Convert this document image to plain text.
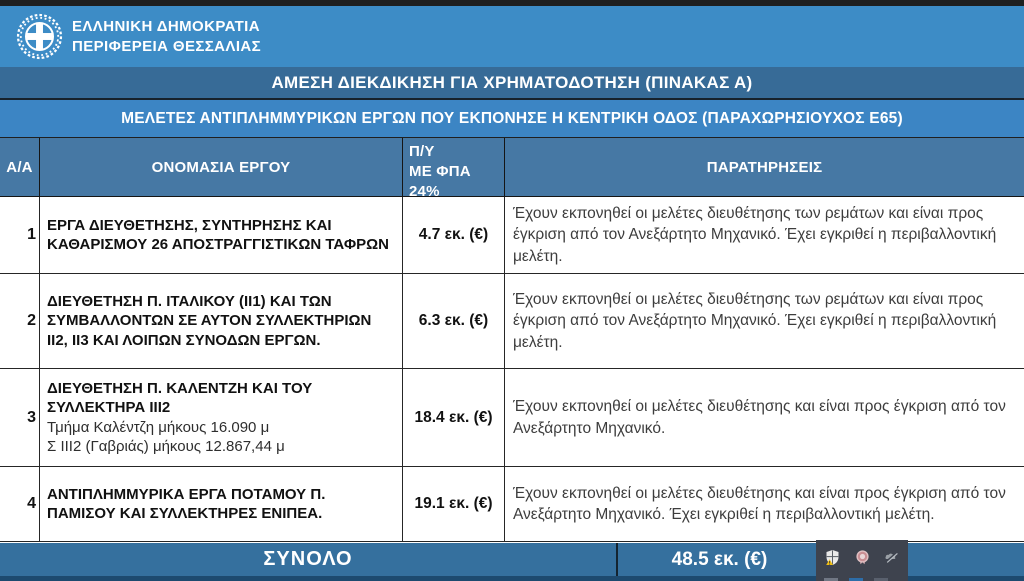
ΕΛΛΗΝΙΚΗ ΔΗΜΟΚΡΑΤΙΑ
ΠΕΡΙΦΕΡΕΙΑ ΘΕΣΣΑΛΙΑΣ
ΑΜΕΣΗ ΔΙΕΚΔΙΚΗΣΗ ΓΙΑ ΧΡΗΜΑΤΟΔΟΤΗΣΗ (ΠΙΝΑΚΑΣ Α)
ΜΕΛΕΤΕΣ ΑΝΤΙΠΛΗΜΜΥΡΙΚΩΝ ΕΡΓΩΝ ΠΟΥ ΕΚΠΟΝΗΣΕ Η ΚΕΝΤΡΙΚΗ ΟΔΟΣ (ΠΑΡΑΧΩΡΗΣΙΟΥΧΟΣ Ε65)
Α/Α	ΟΝΟΜΑΣΙΑ ΕΡΓΟΥ
Π/Υ
ΜΕ ΦΠΑ
24%
ΠΑΡΑΤΗΡΗΣΕΙΣ
1
ΕΡΓΑ ΔΙΕΥΘΕΤΗΣΗΣ, ΣΥΝΤΗΡΗΣΗΣ ΚΑΙ ΚΑΘΑΡΙΣΜΟΥ 26 ΑΠΟΣΤΡΑΓΓΙΣΤΙΚΩΝ ΤΑΦΡΩΝ
4.7 εκ. (€)
Έχουν εκπονηθεί οι μελέτες διευθέτησης των ρεμάτων και είναι προς έγκριση από τον Ανεξάρτητο Μηχανικό. Έχει εγκριθεί η περιβαλλοντική μελέτη.
2
ΔΙΕΥΘΕΤΗΣΗ Π. ΙΤΑΛΙΚΟΥ (II1) ΚΑΙ ΤΩΝ ΣΥΜΒΑΛΛΟΝΤΩΝ ΣΕ ΑΥΤΟΝ ΣΥΛΛΕΚΤΗΡΙΩΝ II2, II3 ΚΑΙ ΛΟΙΠΩΝ ΣΥΝΟΔΩΝ ΕΡΓΩΝ.
6.3 εκ. (€)
Έχουν εκπονηθεί οι μελέτες διευθέτησης των ρεμάτων και είναι προς έγκριση από τον Ανεξάρτητο Μηχανικό. Έχει εγκριθεί η περιβαλλοντική μελέτη.
3
ΔΙΕΥΘΕΤΗΣΗ Π. ΚΑΛΕΝΤΖΗ ΚΑΙ ΤΟΥ ΣΥΛΛΕΚΤΗΡΑ III2
Τμήμα Καλέντζη μήκους 16.090 μ
Σ III2 (Γαβριάς) μήκους 12.867,44 μ
18.4 εκ. (€)
Έχουν εκπονηθεί οι μελέτες διευθέτησης και είναι προς έγκριση από τον Ανεξάρτητο Μηχανικό.
4
ΑΝΤΙΠΛΗΜΜΥΡΙΚΑ ΕΡΓΑ ΠΟΤΑΜΟΥ Π. ΠΑΜΙΣΟΥ ΚΑΙ ΣΥΛΛΕΚΤΗΡΕΣ ΕΝΙΠΕΑ.
19.1 εκ. (€)
Έχουν εκπονηθεί οι μελέτες διευθέτησης και είναι προς έγκριση από τον Ανεξάρτητο Μηχανικό. Έχει εγκριθεί η περιβαλλοντική μελέτη.
ΣΥΝΟΛΟ	48.5 εκ. (€)
